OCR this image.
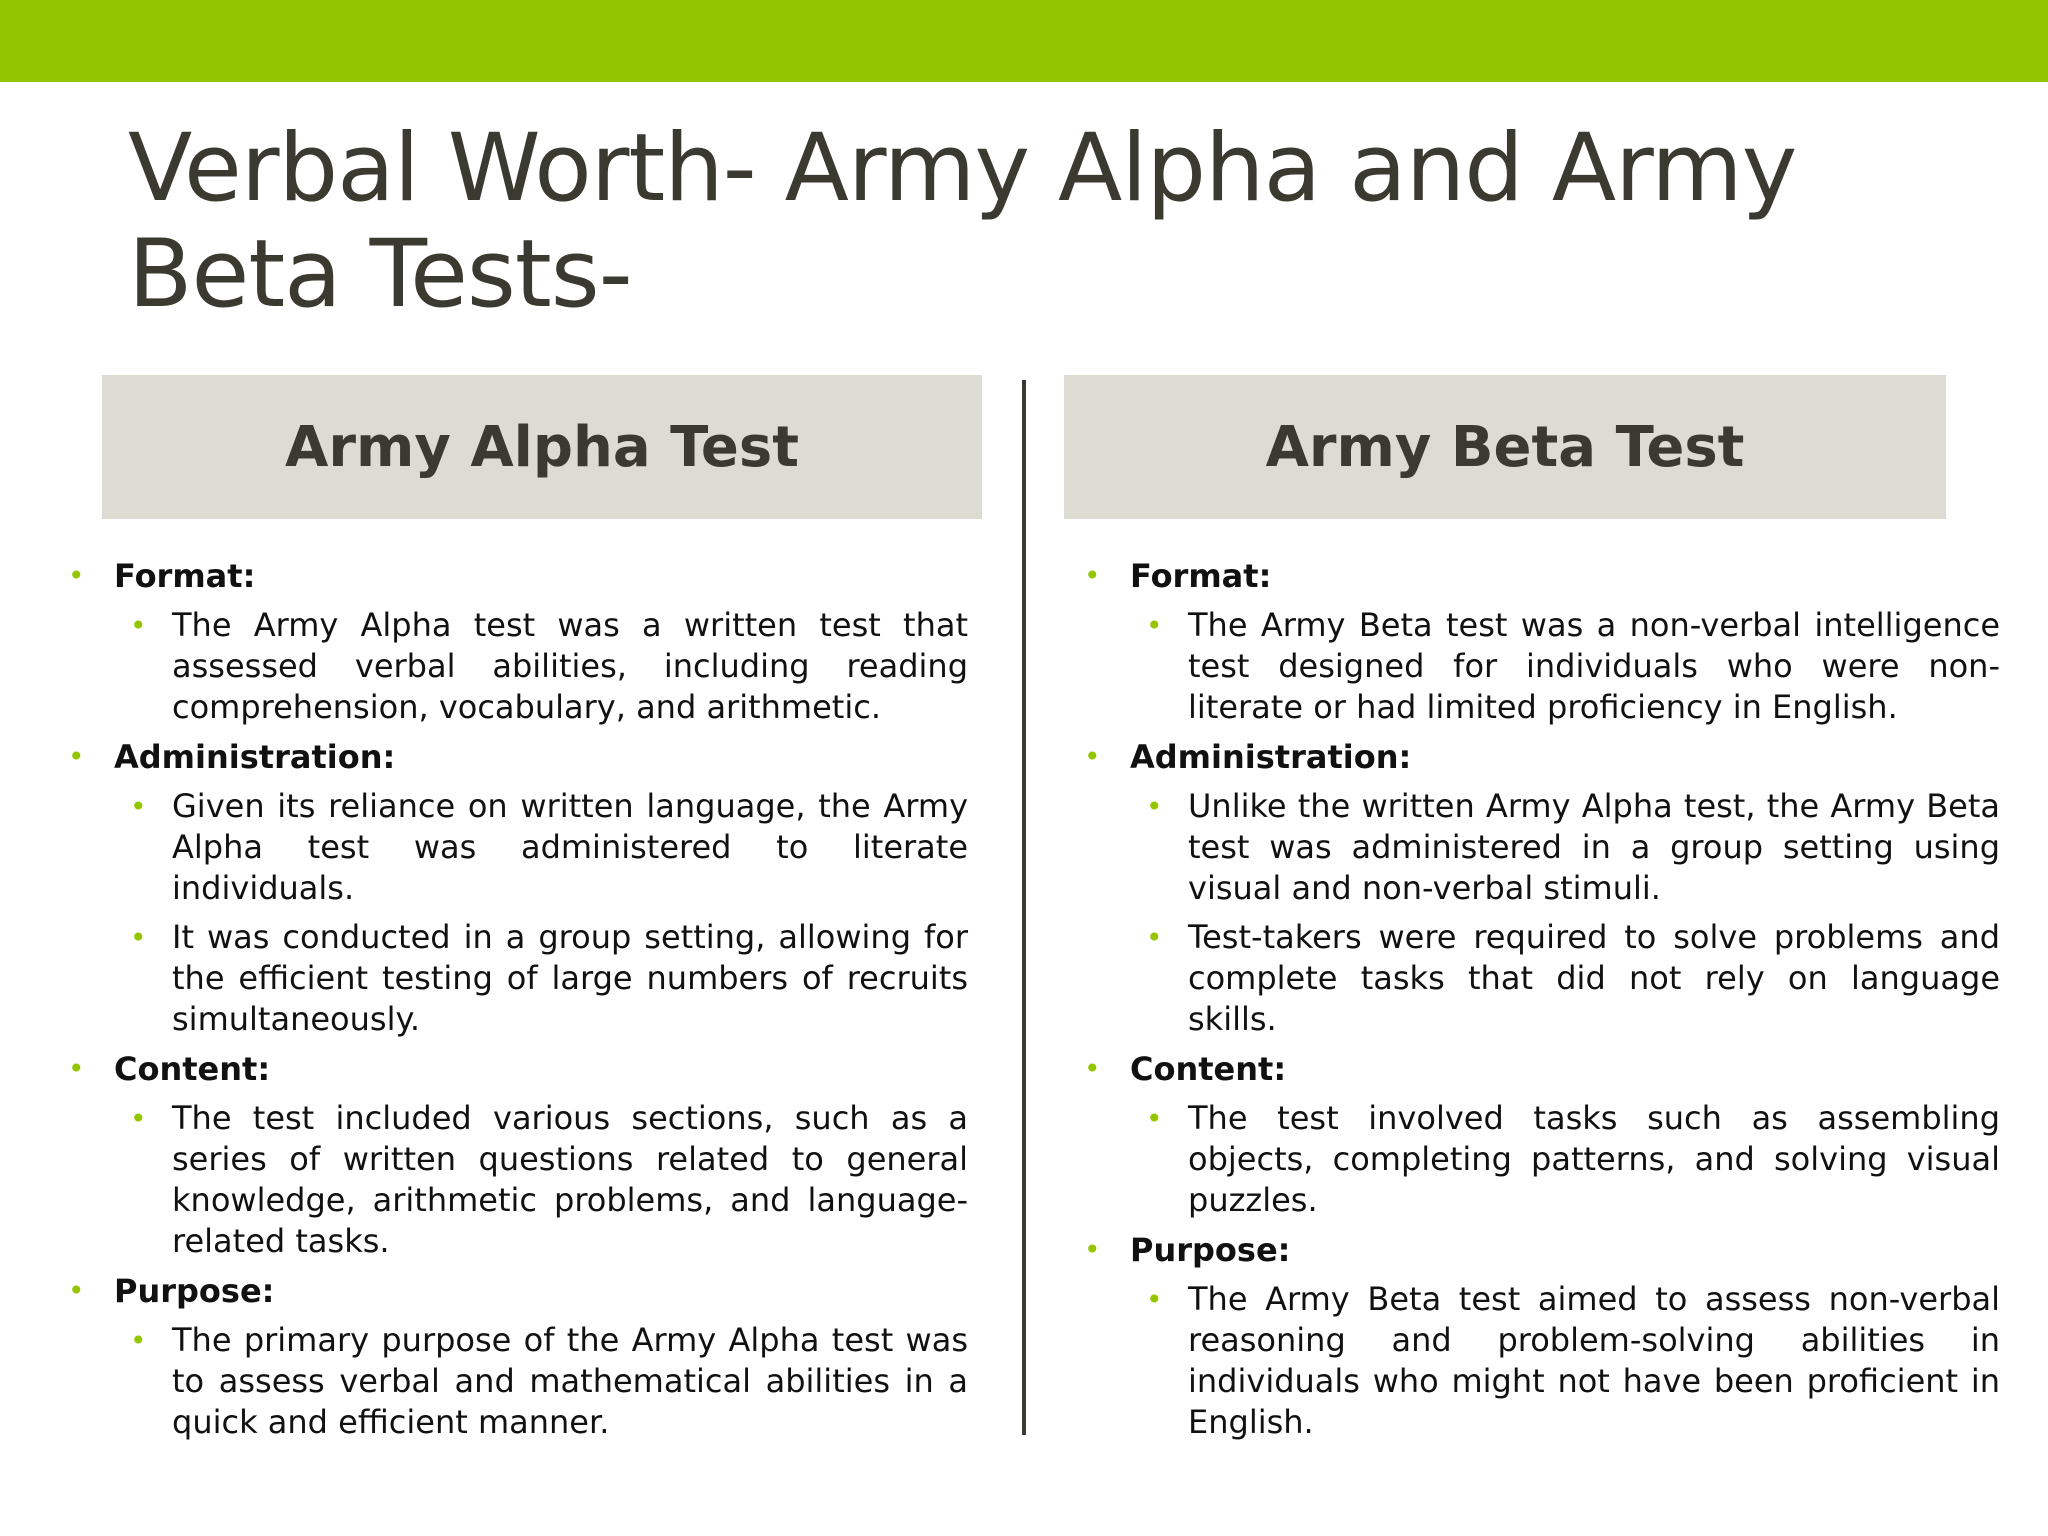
Verbal Worth- Army Alpha and Army Beta Tests-
Army Alpha Test
• Format:
• The Army Alpha test was a written test that assessed verbal abilities, including reading comprehension, vocabulary, and arithmetic.
• Administration:
• Given its reliance on written language, the Army Alpha test was administered to literate individuals.
• It was conducted in a group setting, allowing for the efficient testing of large numbers of recruits simultaneously.
• Content:
• The test included various sections, such as a series of written questions related to general knowledge, arithmetic problems, and language-related tasks.
• Purpose:
• The primary purpose of the Army Alpha test was to assess verbal and mathematical abilities in a quick and efficient manner.
Army Beta Test
• Format:
• The Army Beta test was a non-verbal intelligence test designed for individuals who were non-literate or had limited proficiency in English.
• Administration:
• Unlike the written Army Alpha test, the Army Beta test was administered in a group setting using visual and non-verbal stimuli.
• Test-takers were required to solve problems and complete tasks that did not rely on language skills.
• Content:
• The test involved tasks such as assembling objects, completing patterns, and solving visual puzzles.
• Purpose:
• The Army Beta test aimed to assess non-verbal reasoning and problem-solving abilities in individuals who might not have been proficient in English.
